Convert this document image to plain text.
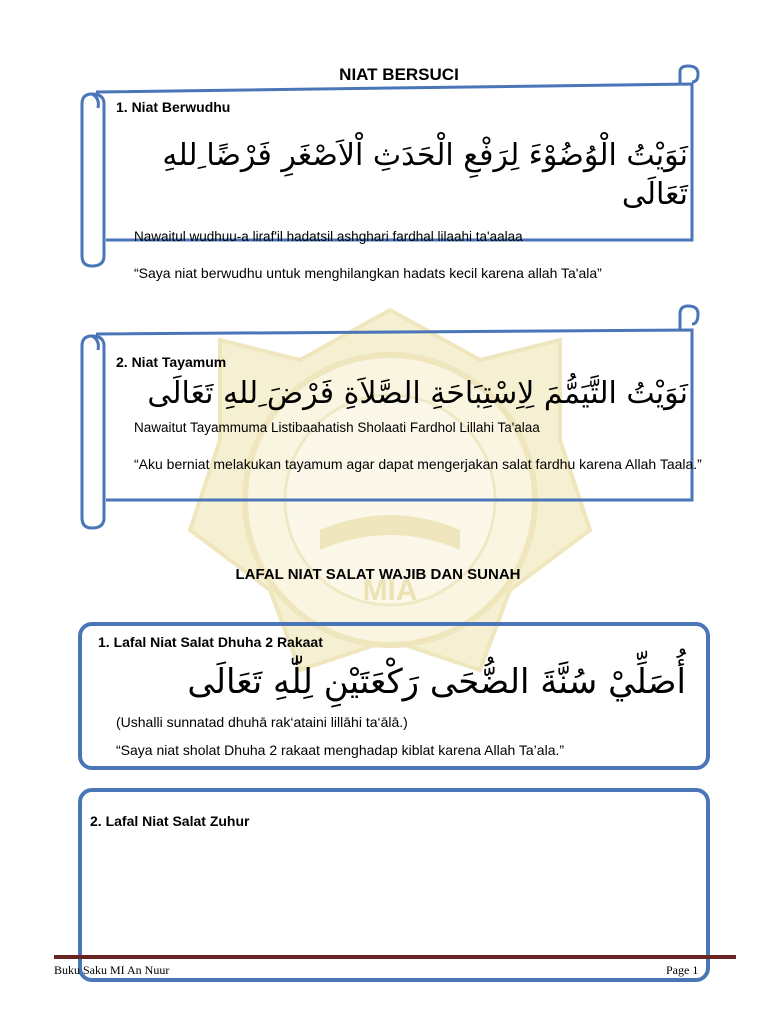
MIA
NIAT BERSUCI
1. Niat Berwudhu
نَوَيْتُ الْوُضُوْءَ لِرَفْعِ الْحَدَثِ اْلاَصْغَرِ فَرْضًا ِللهِ تَعَالَى
Nawaitul wudhuu-a liraf'il hadatsil ashghari fardhal lilaahi ta'aalaa
“Saya niat berwudhu untuk menghilangkan hadats kecil karena allah Ta'ala”
2. Niat Tayamum
نَوَيْتُ التَّيَمُّمَ لِاِسْتِبَاحَةِ الصَّلاَةِ فَرْضَ ِللهِ تَعَالَى
Nawaitut Tayammuma Listibaahatish Sholaati Fardhol Lillahi Ta'alaa
“Aku berniat melakukan tayamum agar dapat mengerjakan salat fardhu karena Allah Taala.”
LAFAL NIAT SALAT WAJIB DAN SUNAH
1. Lafal Niat Salat Dhuha 2 Rakaat
أُصَلِّيْ سُنَّةَ الضُّحَى رَكْعَتَيْنِ لِلّٰهِ تَعَالَى
(Ushalli sunnatad dhuhā rak‘ataini lillāhi ta‘ālā.)
“Saya niat sholat Dhuha 2 rakaat menghadap kiblat karena Allah Ta’ala.”
2. Lafal Niat Salat Zuhur
Buku Saku MI An Nuur	Page 1
